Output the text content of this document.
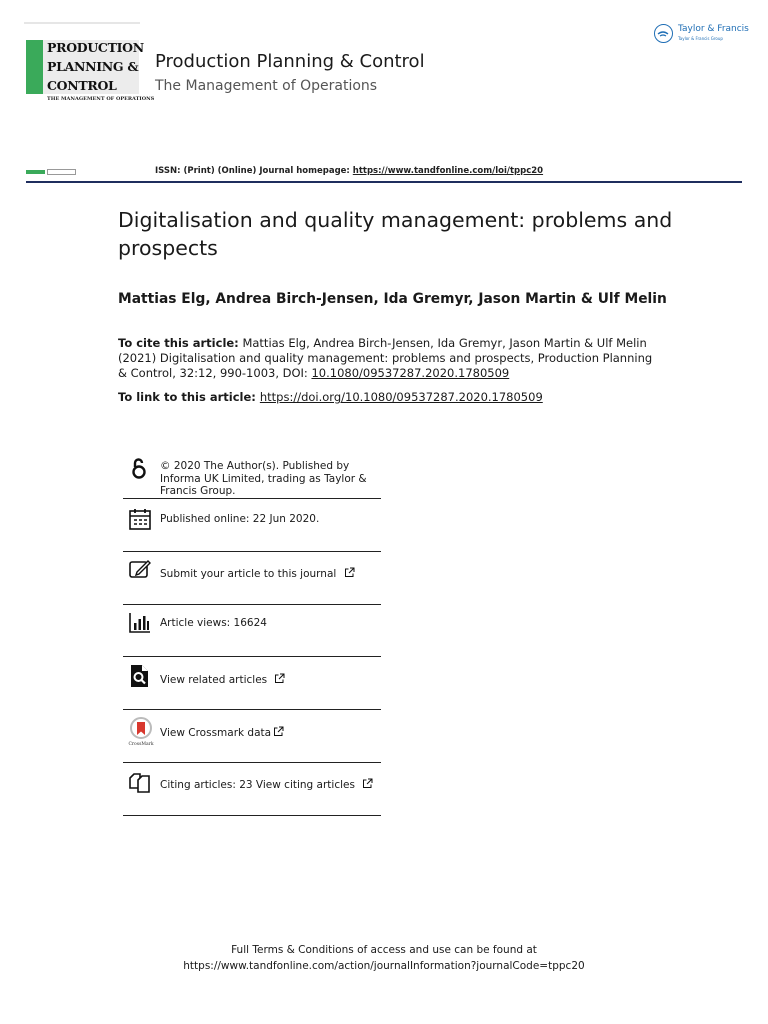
PRODUCTION
PLANNING &
CONTROL
THE MANAGEMENT OF OPERATIONS
Production Planning & Control
The Management of Operations
Taylor & Francis
Taylor & Francis Group
ISSN: (Print) (Online) Journal homepage: https://www.tandfonline.com/loi/tppc20
Digitalisation and quality management: problems and prospects
Mattias Elg, Andrea Birch-Jensen, Ida Gremyr, Jason Martin & Ulf Melin
To cite this article: Mattias Elg, Andrea Birch-Jensen, Ida Gremyr, Jason Martin & Ulf Melin (2021) Digitalisation and quality management: problems and prospects, Production Planning & Control, 32:12, 990-1003, DOI: 10.1080/09537287.2020.1780509
To link to this article: https://doi.org/10.1080/09537287.2020.1780509
© 2020 The Author(s). Published by Informa UK Limited, trading as Taylor & Francis Group.
Published online: 22 Jun 2020.
Submit your article to this journal
Article views: 16624
View related articles
CrossMark
View Crossmark data
Citing articles: 23 View citing articles
Full Terms & Conditions of access and use can be found at
https://www.tandfonline.com/action/journalInformation?journalCode=tppc20
